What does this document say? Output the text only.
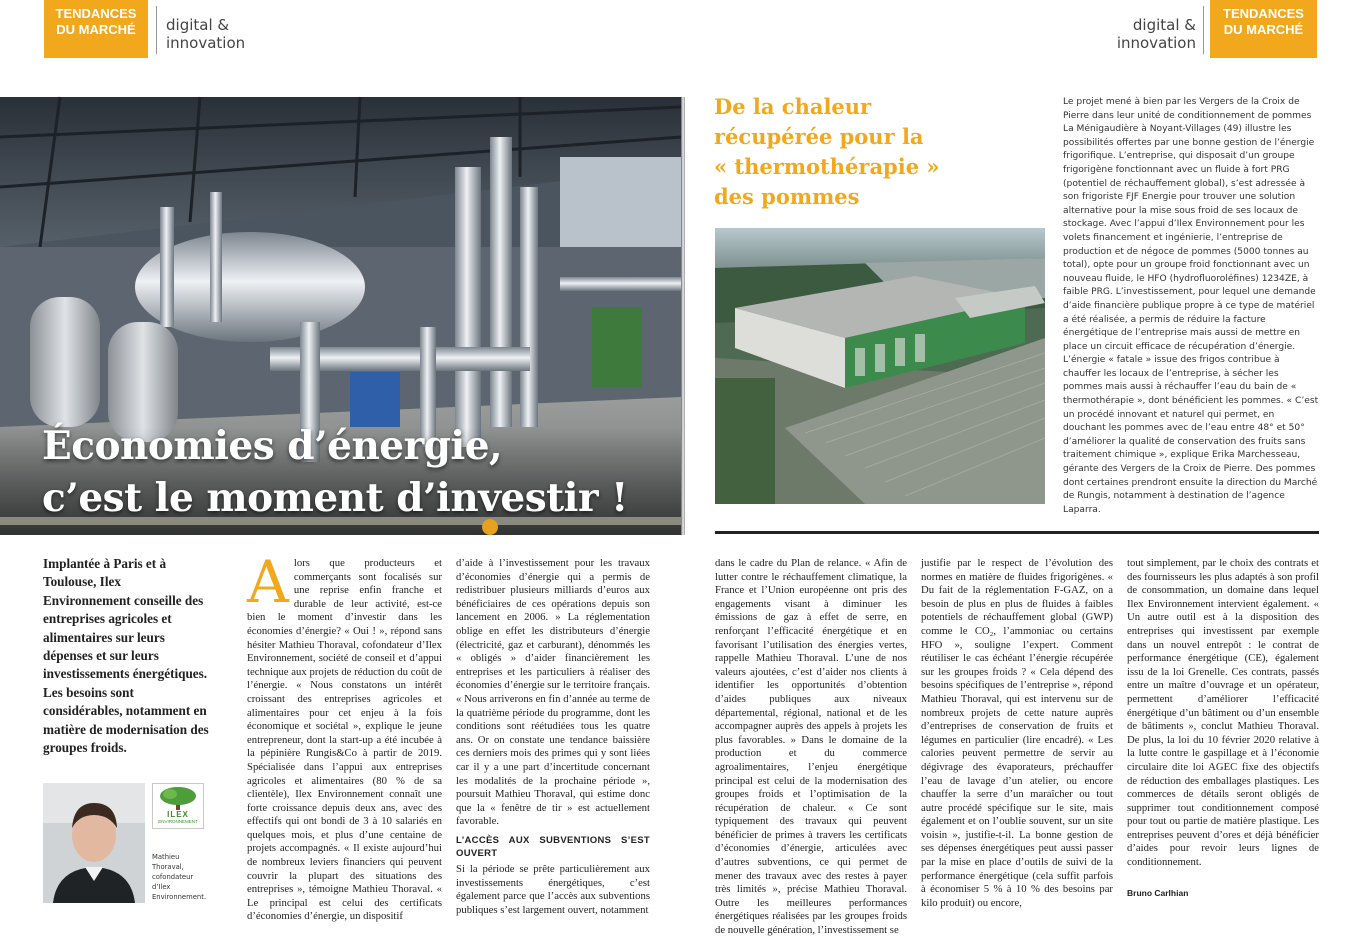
TENDANCES
DU MARCHÉ	digital &
innovation
digital &
innovation
TENDANCES
DU MARCHÉ
Économies d’énergie,
c’est le moment d’investir !
De la chaleur
récupérée pour la
« thermothérapie »
des pommes
Le projet mené à bien par les Vergers de la Croix de Pierre dans leur unité de conditionnement de pommes La Ménigaudière à Noyant-Villages (49) illustre les possibilités offertes par une bonne gestion de l’énergie frigorifique. L’entreprise, qui disposait d’un groupe frigorigène fonctionnant avec un fluide à fort PRG (potentiel de réchauffement global), s’est adressée à son frigoriste FJF Energie pour trouver une solution alternative pour la mise sous froid de ses locaux de stockage. Avec l’appui d’Ilex Environnement pour les volets financement et ingénierie, l’entreprise de production et de négoce de pommes (5000 tonnes au total), opte pour un groupe froid fonctionnant avec un nouveau fluide, le HFO (hydrofluoroléfines) 1234ZE, à faible PRG. L’investissement, pour lequel une demande d’aide financière publique propre à ce type de matériel a été réalisée, a permis de réduire la facture énergétique de l’entreprise mais aussi de mettre en place un circuit efficace de récupération d’énergie. L’énergie « fatale » issue des frigos contribue à chauffer les locaux de l’entreprise, à sécher les pommes mais aussi à réchauffer l’eau du bain de « thermothérapie », dont bénéficient les pommes. « C’est un procédé innovant et naturel qui permet, en douchant les pommes avec de l’eau entre 48° et 50° d’améliorer la qualité de conservation des fruits sans traitement chimique », explique Erika Marchesseau, gérante des Vergers de la Croix de Pierre. Des pommes dont certaines prendront ensuite la direction du Marché de Rungis, notamment à destination de l’agence Laparra.
Implantée à Paris et à Toulouse, Ilex Environnement conseille des entreprises agricoles et alimentaires sur leurs dépenses et sur leurs investissements énergétiques. Les besoins sont considérables, notamment en matière de modernisation des groupes froids.
ILEX
ENVIRONNEMENT
Mathieu Thoraval, cofondateur d’Ilex Environnement.
A lors que producteurs et commerçants sont focalisés sur une reprise enfin franche et durable de leur activité, est-ce bien le moment d’investir dans les économies d’énergie? « Oui ! », répond sans hésiter Mathieu Thoraval, cofondateur d’Ilex Environnement, société de conseil et d’appui technique aux projets de réduction du coût de l’énergie. « Nous constatons un intérêt croissant des entreprises agricoles et alimentaires pour cet enjeu à la fois économique et sociétal », explique le jeune entrepreneur, dont la start-up a été incubée à la pépinière Rungis&Co à partir de 2019. Spécialisée dans l’appui aux entreprises agricoles et alimentaires (80 % de sa clientèle), Ilex Environnement connaît une forte croissance depuis deux ans, avec des effectifs qui ont bondi de 3 à 10 salariés en quelques mois, et plus d’une centaine de projets accompagnés. « Il existe aujourd’hui de nombreux leviers financiers qui peuvent couvrir la plupart des situations des entreprises », témoigne Mathieu Thoraval. « Le principal est celui des certificats d’économies d’énergie, un dispositif

d’aide à l’investissement pour les travaux d’économies d’énergie qui a permis de redistribuer plusieurs milliards d’euros aux bénéficiaires de ces opérations depuis son lancement en 2006. » La réglementation oblige en effet les distributeurs d’énergie (électricité, gaz et carburant), dénommés les « obligés » d’aider financièrement les entreprises et les particuliers à réaliser des économies d’énergie sur le territoire français. « Nous arriverons en fin d’année au terme de la quatrième période du programme, dont les conditions sont réétudiées tous les quatre ans. Or on constate une tendance baissière ces derniers mois des primes qui y sont liées car il y a une part d’incertitude concernant les modalités de la prochaine période », poursuit Mathieu Thoraval, qui estime donc que la « fenêtre de tir » est actuellement favorable.

L’ACCÈS AUX SUBVENTIONS S’EST OUVERT

Si la période se prête particulièrement aux investissements énergétiques, c’est également parce que l’accès aux subventions publiques s’est largement ouvert, notamment

dans le cadre du Plan de relance. « Afin de lutter contre le réchauffement climatique, la France et l’Union européenne ont pris des engagements visant à diminuer les émissions de gaz à effet de serre, en renforçant l’efficacité énergétique et en favorisant l’utilisation des énergies vertes, rappelle Mathieu Thoraval. L’une de nos valeurs ajoutées, c’est d’aider nos clients à identifier les opportunités d’obtention d’aides publiques aux niveaux départemental, régional, national et de les accompagner auprès des appels à projets les plus favorables. » Dans le domaine de la production et du commerce agroalimentaires, l’enjeu énergétique principal est celui de la modernisation des groupes froids et l’optimisation de la récupération de chaleur. « Ce sont typiquement des travaux qui peuvent bénéficier de primes à travers les certificats d’économies d’énergie, articulées avec d’autres subventions, ce qui permet de mener des travaux avec des restes à payer très limités », précise Mathieu Thoraval. Outre les meilleures performances énergétiques réalisées par les groupes froids de nouvelle génération, l’investissement se

justifie par le respect de l’évolution des normes en matière de fluides frigorigènes. « Du fait de la réglementation F-GAZ, on a besoin de plus en plus de fluides à faibles potentiels de réchauffement global (GWP) comme le CO₂, l’ammoniac ou certains HFO », souligne l’expert. Comment réutiliser le cas échéant l’énergie récupérée sur les groupes froids ? « Cela dépend des besoins spécifiques de l’entreprise », répond Mathieu Thoraval, qui est intervenu sur de nombreux projets de cette nature auprès d’entreprises de conservation de fruits et légumes en particulier (lire encadré). « Les calories peuvent permettre de servir au dégivrage des évaporateurs, préchauffer l’eau de lavage d’un atelier, ou encore chauffer la serre d’un maraîcher ou tout autre procédé spécifique sur le site, mais également et on l’oublie souvent, sur un site voisin », justifie-t-il. La bonne gestion de ses dépenses énergétiques peut aussi passer par la mise en place d’outils de suivi de la performance énergétique (cela suffit parfois à économiser 5 % à 10 % des besoins par kilo produit) ou encore,

tout simplement, par le choix des contrats et des fournisseurs les plus adaptés à son profil de consommation, un domaine dans lequel Ilex Environnement intervient également. « Un autre outil est à la disposition des entreprises qui investissent par exemple dans un nouvel entrepôt : le contrat de performance énergétique (CE), également issu de la loi Grenelle. Ces contrats, passés entre un maître d’ouvrage et un opérateur, permettent d’améliorer l’efficacité énergétique d’un bâtiment ou d’un ensemble de bâtiments », conclut Mathieu Thoraval. De plus, la loi du 10 février 2020 relative à la lutte contre le gaspillage et à l’économie circulaire dite loi AGEC fixe des objectifs de réduction des emballages plastiques. Les commerces de détails seront obligés de supprimer tout conditionnement composé pour tout ou partie de matière plastique. Les entreprises peuvent d’ores et déjà bénéficier d’aides pour revoir leurs lignes de conditionnement.

Bruno Carlhian
